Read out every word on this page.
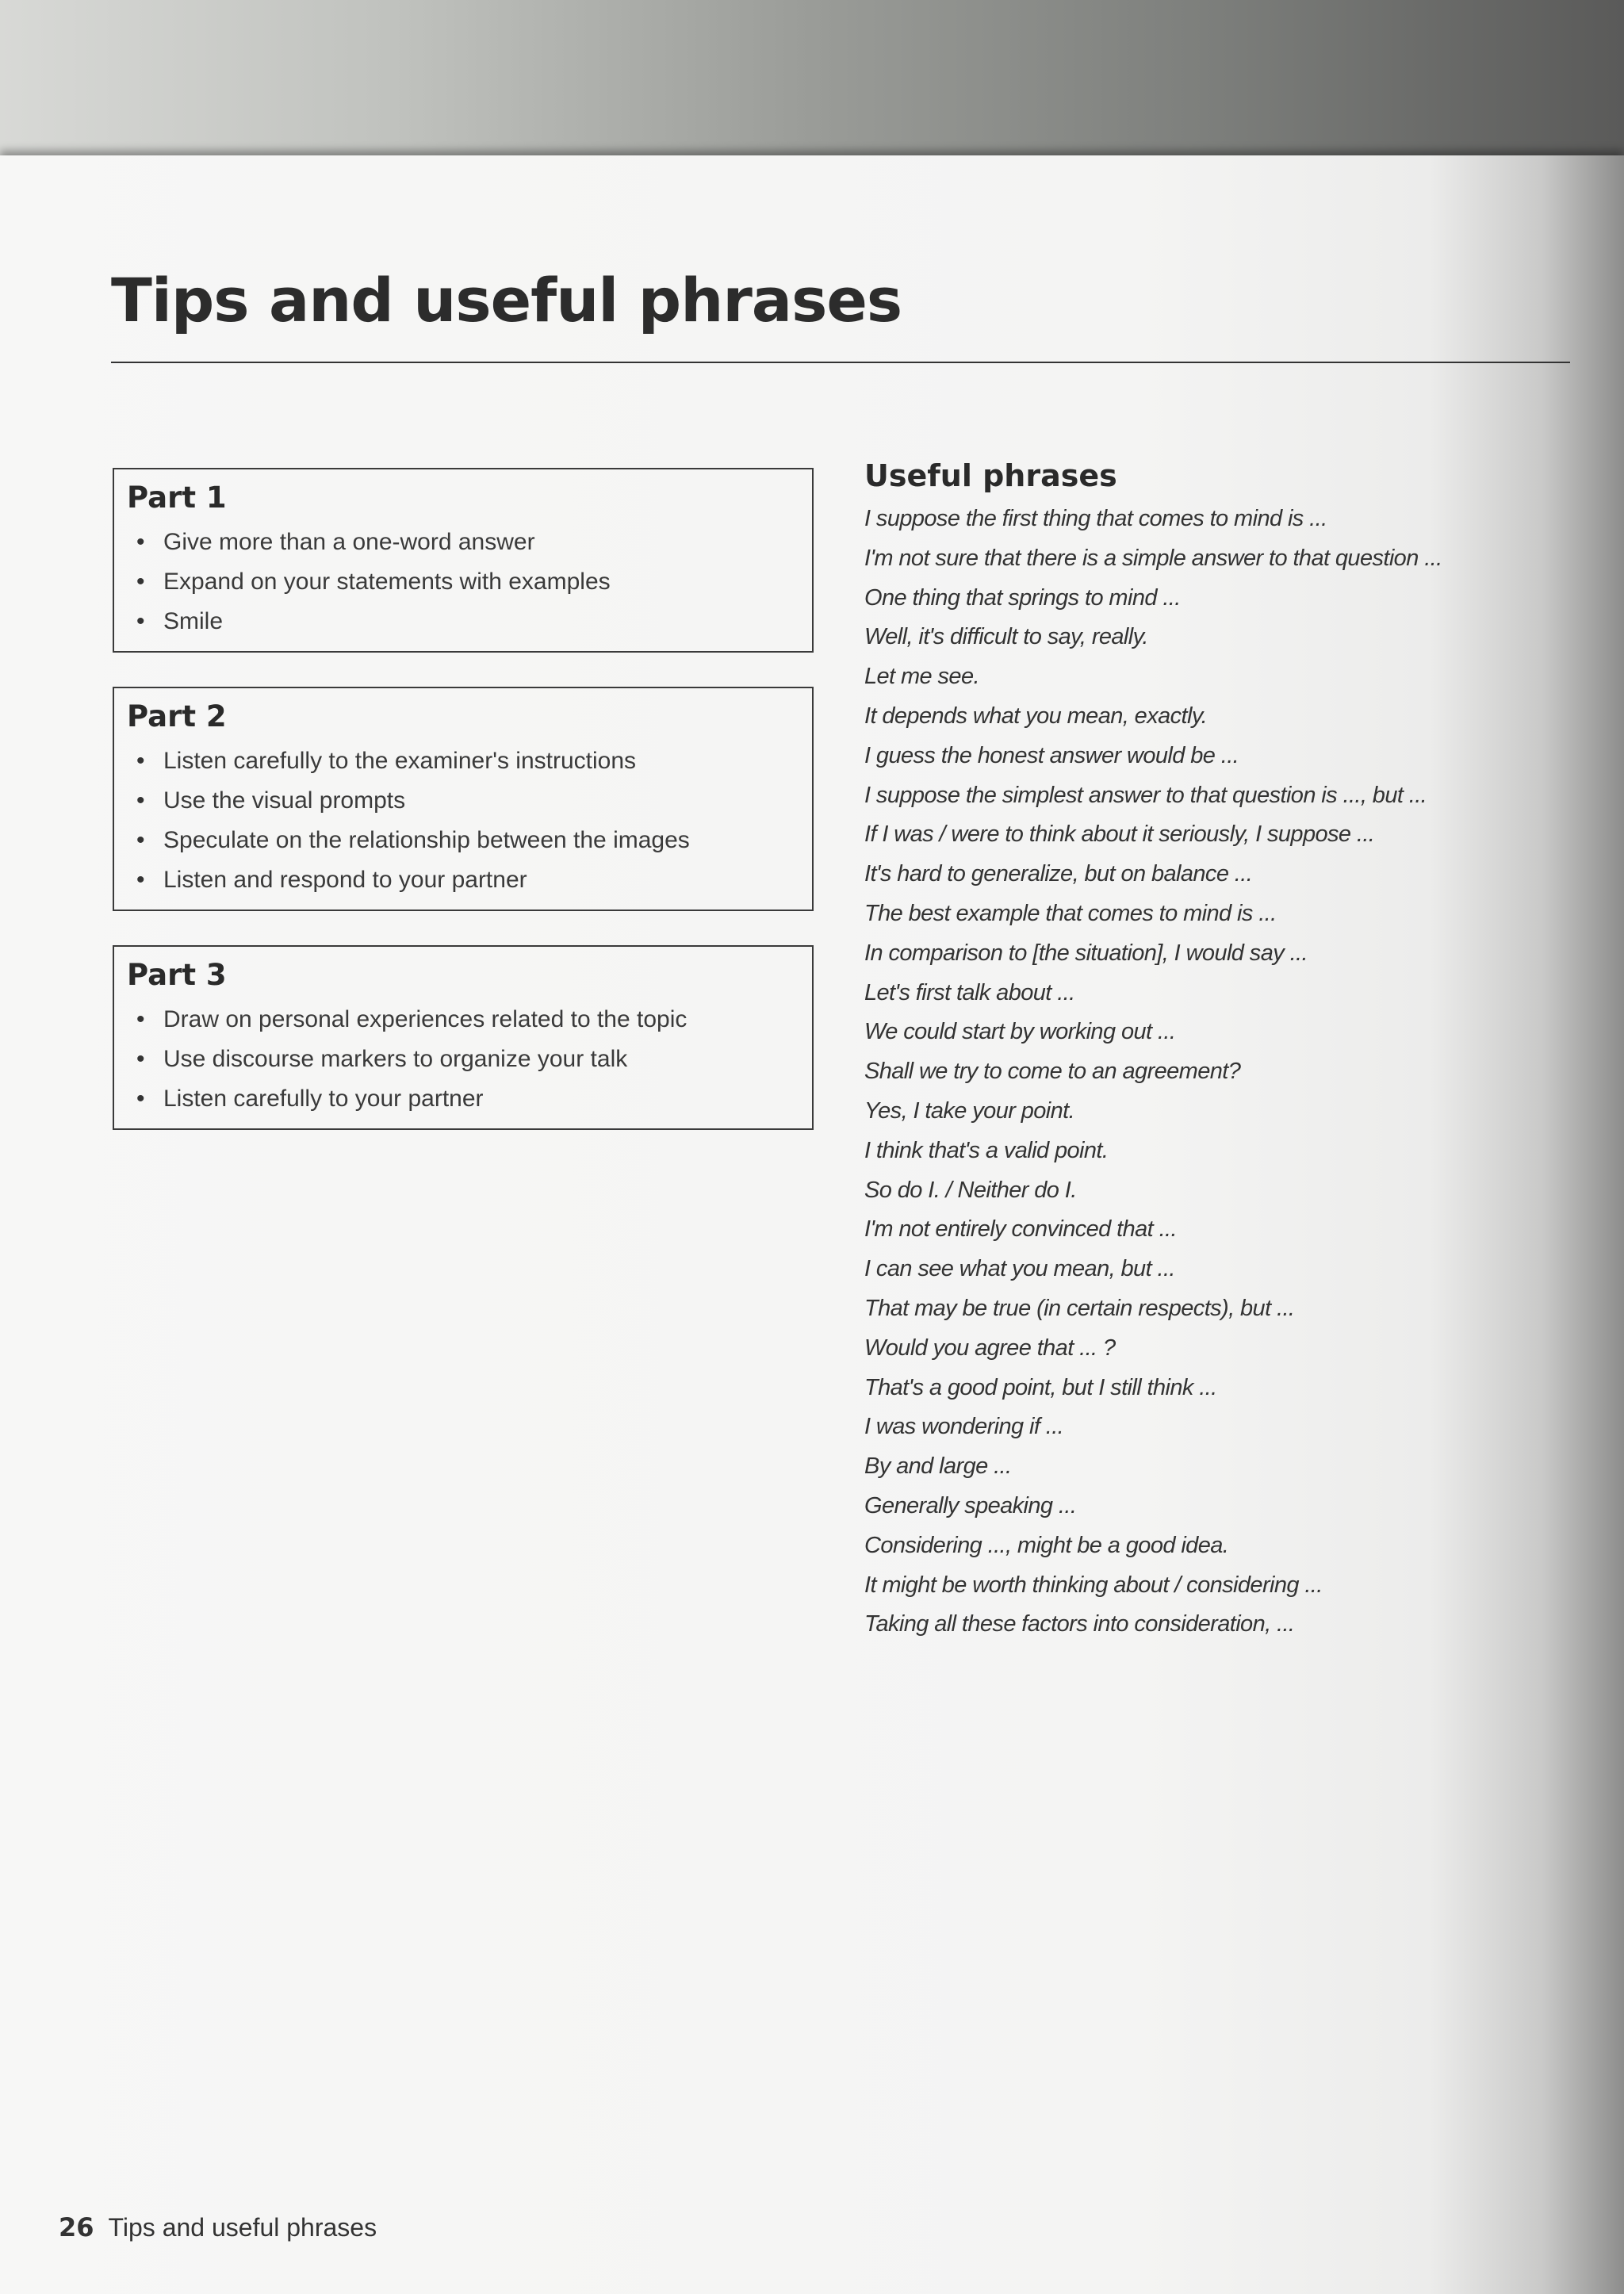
Tips and useful phrases
Part 1
• Give more than a one-word answer
• Expand on your statements with examples
• Smile
Part 2
• Listen carefully to the examiner's instructions
• Use the visual prompts
• Speculate on the relationship between the images
• Listen and respond to your partner
Part 3
• Draw on personal experiences related to the topic
• Use discourse markers to organize your talk
• Listen carefully to your partner
Useful phrases
I suppose the first thing that comes to mind is ...
I'm not sure that there is a simple answer to that question ...
One thing that springs to mind ...
Well, it's difficult to say, really.
Let me see.
It depends what you mean, exactly.
I guess the honest answer would be ...
I suppose the simplest answer to that question is ..., but ...
If I was / were to think about it seriously, I suppose ...
It's hard to generalize, but on balance ...
The best example that comes to mind is ...
In comparison to [the situation], I would say ...
Let's first talk about ...
We could start by working out ...
Shall we try to come to an agreement?
Yes, I take your point.
I think that's a valid point.
So do I. / Neither do I.
I'm not entirely convinced that ...
I can see what you mean, but ...
That may be true (in certain respects), but ...
Would you agree that ... ?
That's a good point, but I still think ...
I was wondering if ...
By and large ...
Generally speaking ...
Considering ..., might be a good idea.
It might be worth thinking about / considering ...
Taking all these factors into consideration, ...
26 Tips and useful phrases
